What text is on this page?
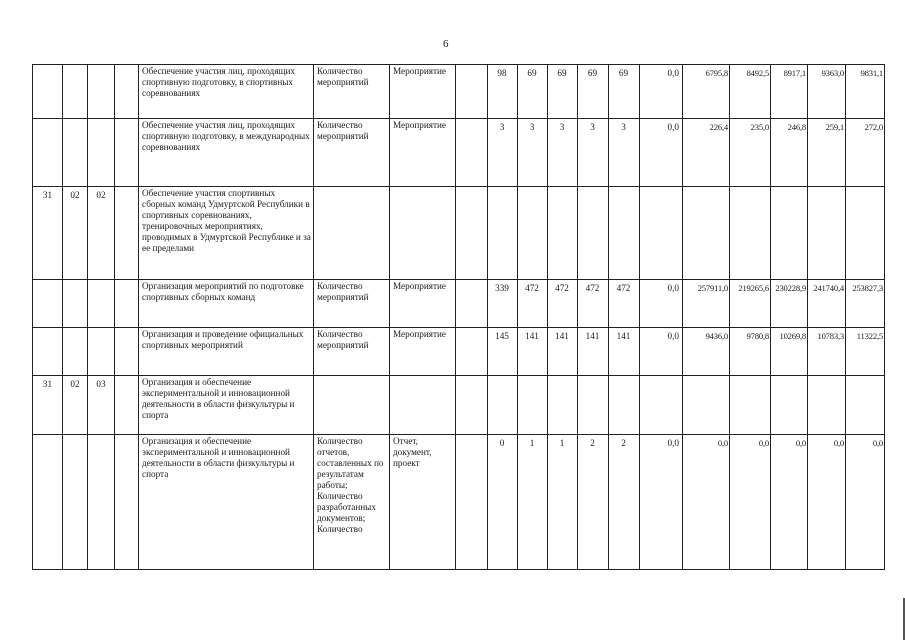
6
				Обеспечение участия лиц, проходящих спортивную подготовку, в спортивных соревнованиях	Количество мероприятий	Мероприятие		98	69	69	69	69	0,0	6795,8	8492,5	8917,1	9363,0	9831,1
				Обеспечение участия лиц, проходящих спортивную подготовку, в международных соревнованиях	Количество мероприятий	Мероприятие		3	3	3	3	3	0,0	226,4	235,0	246,8	259,1	272,0
31	02	02		Обеспечение участия спортивных сборных команд Удмуртской Республики в спортивных соревнованиях, тренировочных мероприятиях, проводимых в Удмуртской Республике и за ее пределами														
				Организация мероприятий по подготовке спортивных сборных команд	Количество мероприятий	Мероприятие		339	472	472	472	472	0,0	257911,0	219265,6	230228,9	241740,4	253827,3
				Организация и проведение официальных спортивных мероприятий	Количество мероприятий	Мероприятие		145	141	141	141	141	0,0	9436,0	9780,8	10269,8	10783,3	11322,5
31	02	03		Организация и обеспечение экспериментальной и инновационной деятельности в области физкультуры и спорта														
				Организация и обеспечение экспериментальной и инновационной деятельности в области физкультуры и спорта	Количество отчетов, составленных по результатам работы; Количество разработанных документов; Количество	Отчет, документ, проект		0	1	1	2	2	0,0	0,0	0,0	0,0	0,0	0,0
